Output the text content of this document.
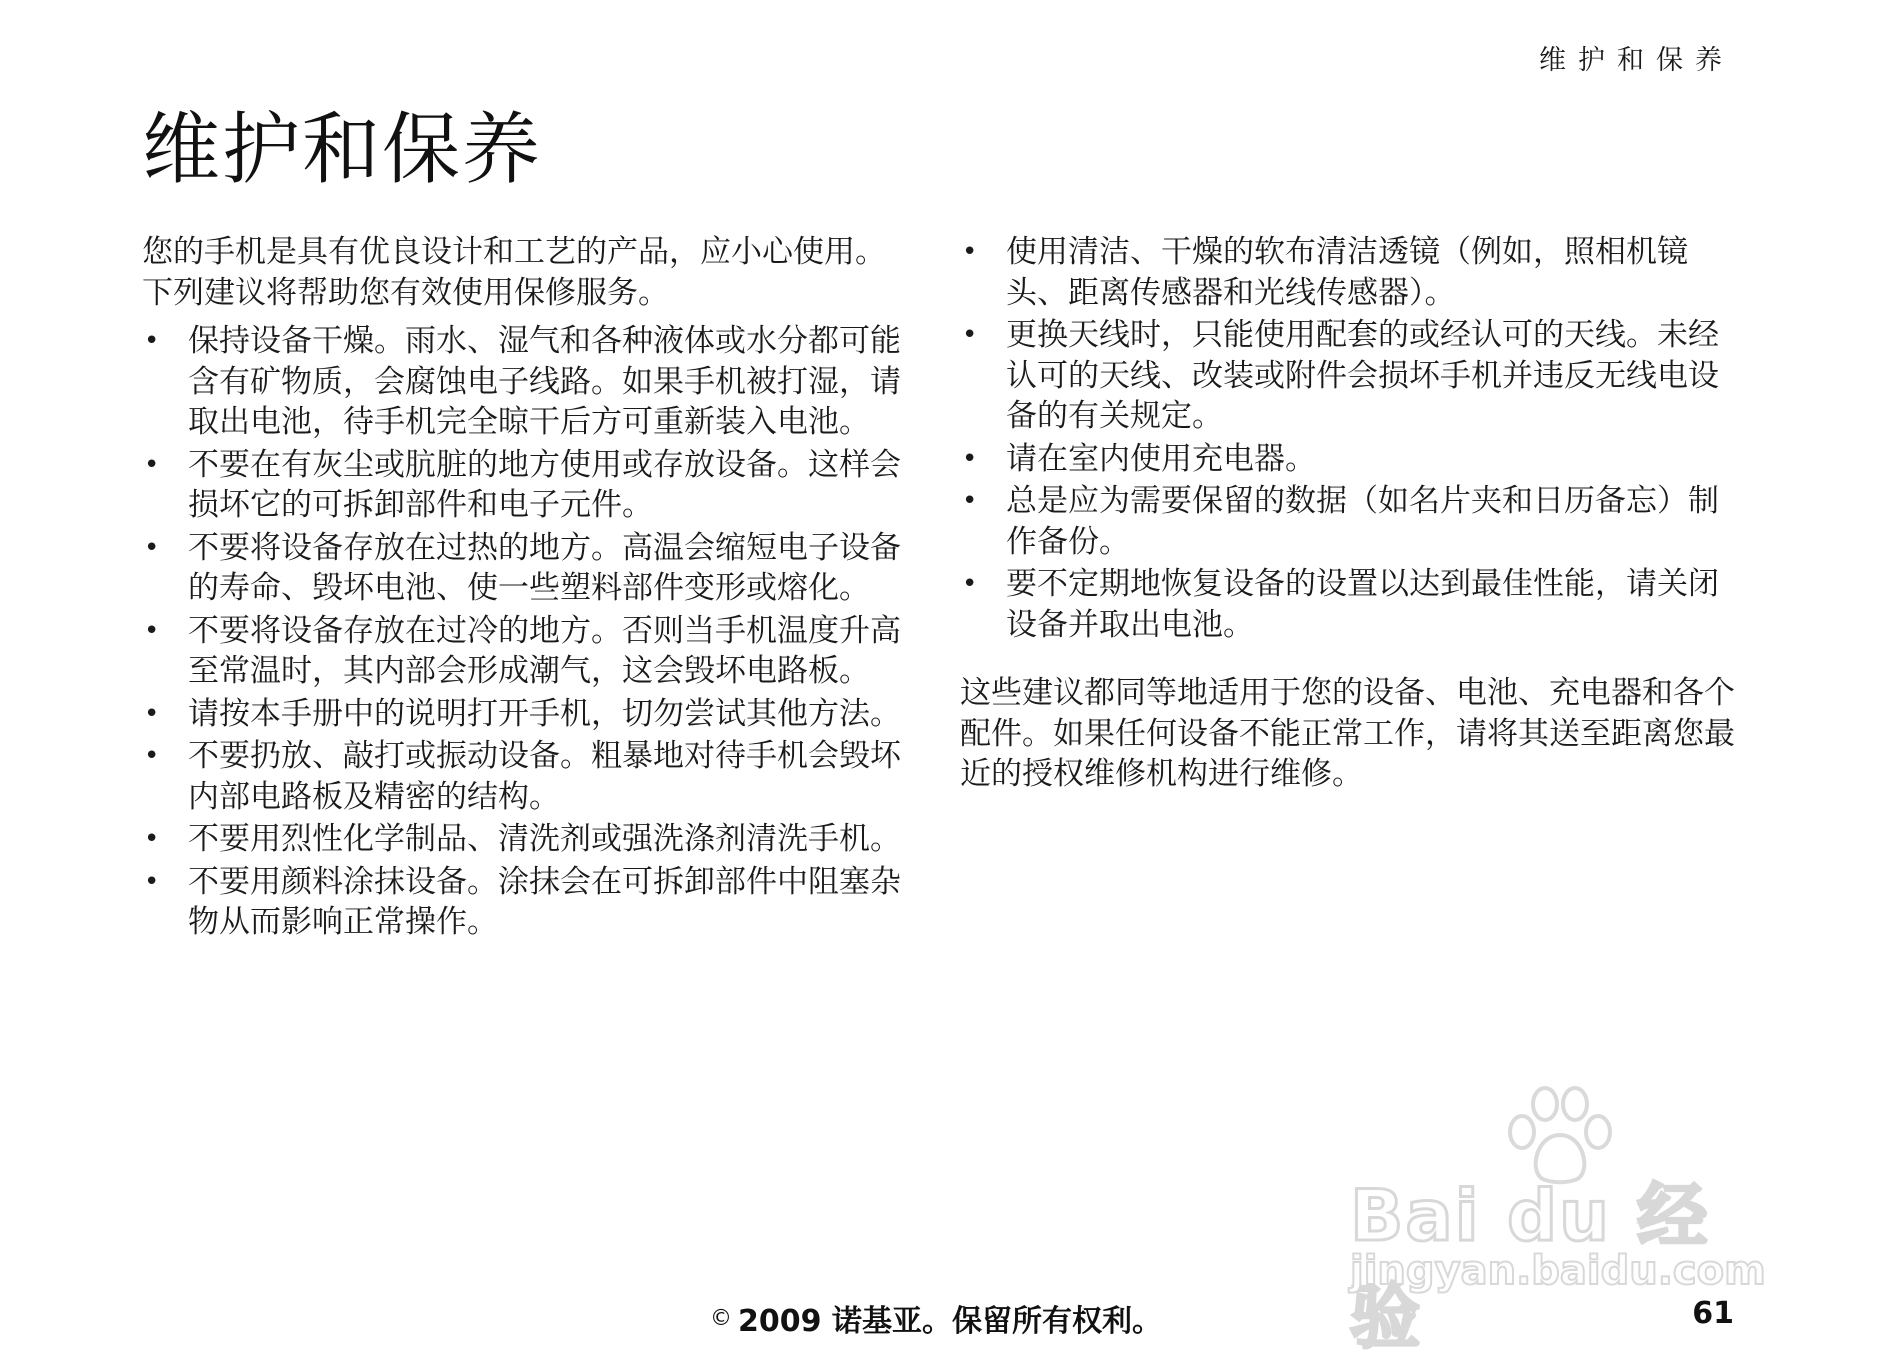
维护和保养
维护和保养

您的手机是具有优良设计和工艺的产品，应小心使用。下列建议将帮助您有效使用保修服务。

• 保持设备干燥。雨水、湿气和各种液体或水分都可能含有矿物质，会腐蚀电子线路。如果手机被打湿，请取出电池，待手机完全晾干后方可重新装入电池。
• 不要在有灰尘或肮脏的地方使用或存放设备。这样会损坏它的可拆卸部件和电子元件。
• 不要将设备存放在过热的地方。高温会缩短电子设备的寿命、毁坏电池、使一些塑料部件变形或熔化。
• 不要将设备存放在过冷的地方。否则当手机温度升高至常温时，其内部会形成潮气，这会毁坏电路板。
• 请按本手册中的说明打开手机，切勿尝试其他方法。
• 不要扔放、敲打或振动设备。粗暴地对待手机会毁坏内部电路板及精密的结构。
• 不要用烈性化学制品、清洗剂或强洗涤剂清洗手机。
• 不要用颜料涂抹设备。涂抹会在可拆卸部件中阻塞杂物从而影响正常操作。
• 使用清洁、干燥的软布清洁透镜（例如，照相机镜头、距离传感器和光线传感器）。
• 更换天线时，只能使用配套的或经认可的天线。未经认可的天线、改装或附件会损坏手机并违反无线电设备的有关规定。
• 请在室内使用充电器。
• 总是应为需要保留的数据（如名片夹和日历备忘）制作备份。
• 要不定期地恢复设备的设置以达到最佳性能，请关闭设备并取出电池。

这些建议都同等地适用于您的设备、电池、充电器和各个配件。如果任何设备不能正常工作，请将其送至距离您最近的授权维修机构进行维修。

Bai du 经验
jingyan.baidu.com
© 2009 诺基亚。保留所有权利。	61
